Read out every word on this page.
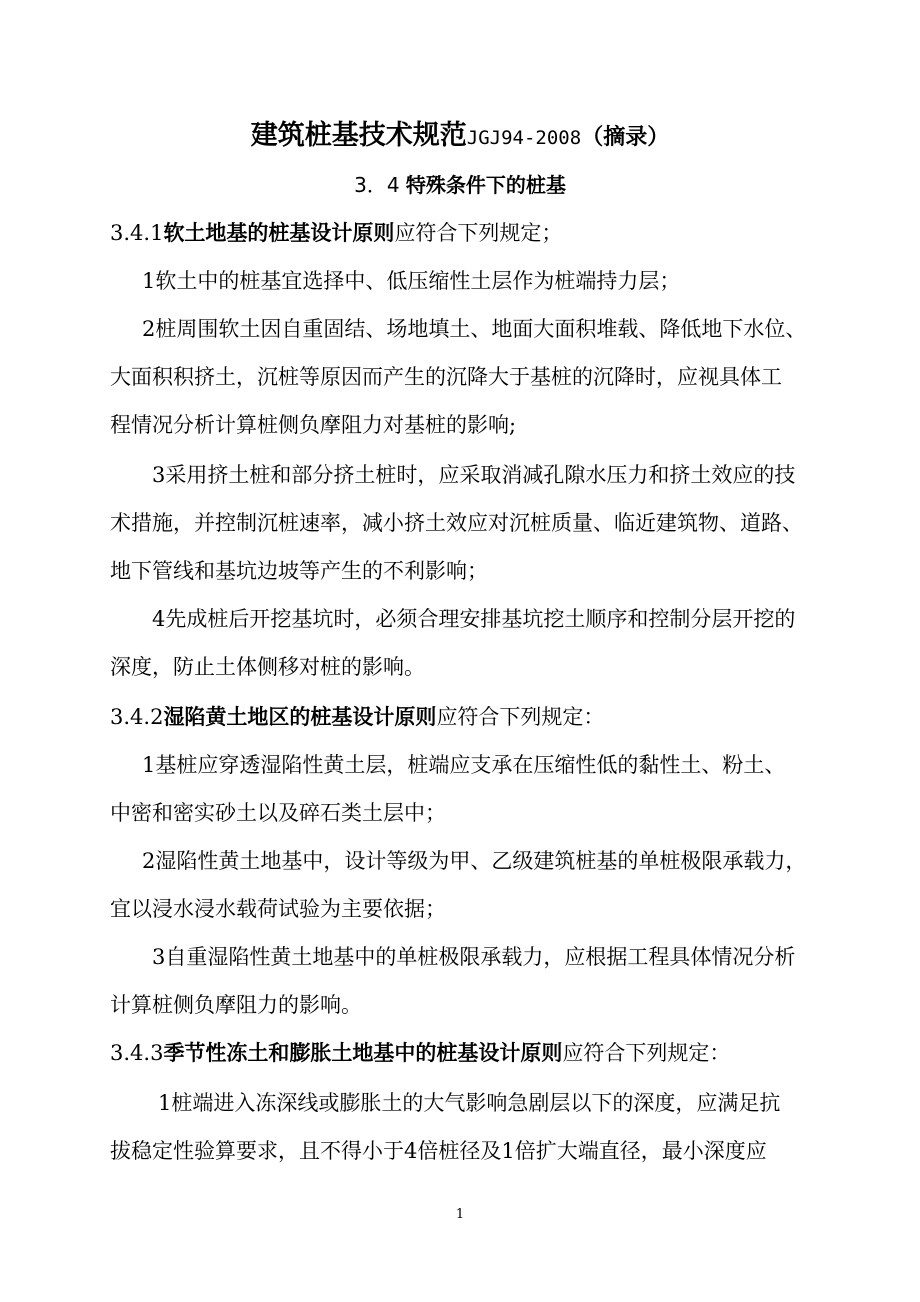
建筑桩基技术规范JGJ94-2008（摘录）
3．4 特殊条件下的桩基
3.4.1软土地基的桩基设计原则应符合下列规定；
1软土中的桩基宜选择中、低压缩性土层作为桩端持力层；
2桩周围软土因自重固结、场地填土、地面大面积堆载、降低地下水位、
大面积积挤土，沉桩等原因而产生的沉降大于基桩的沉降时，应视具体工
程情况分析计算桩侧负摩阻力对基桩的影响;
3采用挤土桩和部分挤土桩时，应采取消减孔隙水压力和挤土效应的技
术措施，并控制沉桩速率，减小挤土效应对沉桩质量、临近建筑物、道路、
地下管线和基坑边坡等产生的不利影响；
4先成桩后开挖基坑时，必须合理安排基坑挖土顺序和控制分层开挖的
深度，防止土体侧移对桩的影响。
3.4.2湿陷黄土地区的桩基设计原则应符合下列规定：
1基桩应穿透湿陷性黄土层，桩端应支承在压缩性低的黏性土、粉土、
中密和密实砂土以及碎石类土层中；
2湿陷性黄土地基中，设计等级为甲、乙级建筑桩基的单桩极限承载力，
宜以浸水浸水载荷试验为主要依据；
3自重湿陷性黄土地基中的单桩极限承载力，应根据工程具体情况分析
计算桩侧负摩阻力的影响。
3.4.3季节性冻土和膨胀土地基中的桩基设计原则应符合下列规定：
1桩端进入冻深线或膨胀土的大气影响急剧层以下的深度，应满足抗
拔稳定性验算要求，且不得小于4倍桩径及1倍扩大端直径，最小深度应
1
